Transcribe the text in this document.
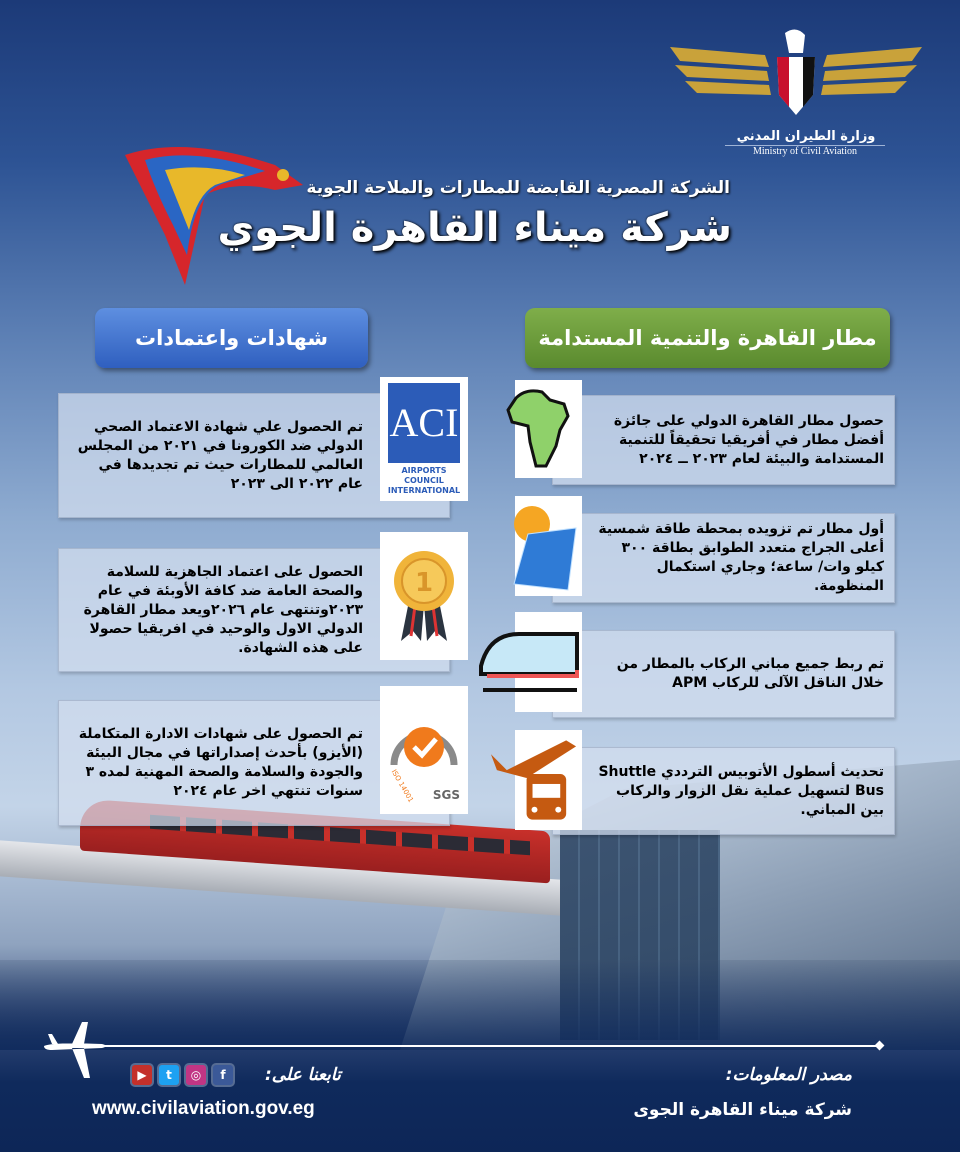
وزارة الطيران المدني
Ministry of Civil Aviation
الشركة المصرية القابضة للمطارات والملاحة الجوية
شركة ميناء القاهرة الجوي
شهادات واعتمادات	مطار القاهرة والتنمية المستدامة
تم الحصول علي شهادة الاعتماد الصحي الدولي ضد الكورونا في ٢٠٢١ من المجلس العالمي للمطارات حيث تم تجديدها في عام ٢٠٢٢ الى ٢٠٢٣
الحصول على اعتماد الجاهزية للسلامة والصحة العامة ضد كافة الأوبئة في عام ٢٠٢٣وتنتهى عام ٢٠٢٦ويعد مطار القاهرة الدولي الاول والوحيد في افريقيا حصولا على هذه الشهادة.
تم الحصول على شهادات الادارة المتكاملة (الأيزو) بأحدث إصداراتها في مجال البيئة والجودة والسلامة والصحة المهنية لمده ٣ سنوات تنتهي اخر عام ٢٠٢٤
ACI
AIRPORTS COUNCIL INTERNATIONAL
1
SGS
ISO 14001
حصول مطار القاهرة الدولي على جائزة أفضل مطار في أفريقيا تحقيقاً للتنمية المستدامة والبيئة لعام ٢٠٢٣ ــ ٢٠٢٤
أول مطار تم تزويده بمحطة طاقة شمسية أعلى الجراج متعدد الطوابق بطاقة ٣٠٠ كيلو وات/ ساعة؛ وجاري استكمال المنظومة.
تم ربط جميع مباني الركاب بالمطار من خلال الناقل الآلى للركاب APM
تحديث أسطول الأتوبيس الترددي Shuttle Bus لتسهيل عملية نقل الزوار والركاب بين المباني.
تابعنا على:
▶	t	◎	f
www.civilaviation.gov.eg
مصدر المعلومات:
شركة ميناء القاهرة الجوى
